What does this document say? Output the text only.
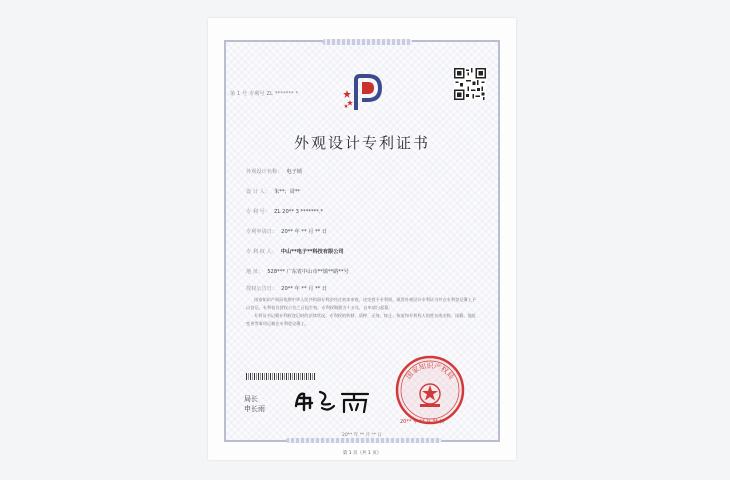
第 1 号 专利号 ZL ******* *
外观设计专利证书
外观设计名称： 电子锁
设 计 人： 朱**；周**
专 利 号： ZL 20** 3 *******.*
专利申请日： 20** 年 ** 月 ** 日
专 利 权 人： 中山**电子**科技有限公司
地 址： 528*** 广东省中山市**镇**路**号
授权公告日： 20** 年 ** 月 ** 日

国家知识产权局依照中华人民共和国专利法经过初步审查，决定授予专利权，颁发外观设计专利证书并在专利登记簿上予以登记。专利权自授权公告之日起生效。专利权期限为十五年，自申请日起算。

专利证书记载专利权登记时的法律状况。专利权的转移、质押、无效、终止、恢复和专利权人的姓名或名称、国籍、地址变更等事项记载在专利登记簿上。

局长
申长雨
国家知识产权局
20** 年 ** 月 ** 日
20** 年 ** 月 ** 日
第 1 页（共 1 页）
